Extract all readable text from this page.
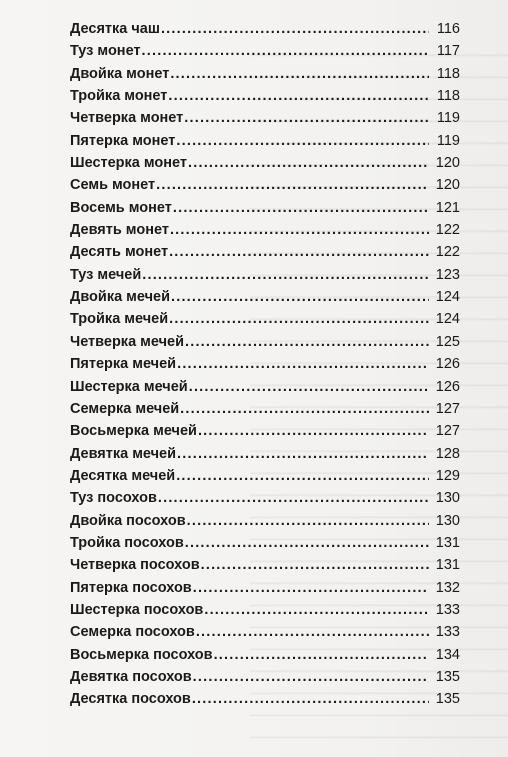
Десятка чаш .....	116
Туз монет .....	117
Двойка монет .....	118
Тройка монет .....	118
Четверка монет .....	119
Пятерка монет .....	119
Шестерка монет .....	120
Семь монет .....	120
Восемь монет .....	121
Девять монет .....	122
Десять монет .....	122
Туз мечей .....	123
Двойка мечей .....	124
Тройка мечей .....	124
Четверка мечей .....	125
Пятерка мечей .....	126
Шестерка мечей .....	126
Семерка мечей .....	127
Восьмерка мечей .....	127
Девятка мечей .....	128
Десятка мечей .....	129
Туз посохов .....	130
Двойка посохов .....	130
Тройка посохов .....	131
Четверка посохов .....	131
Пятерка посохов .....	132
Шестерка посохов .....	133
Семерка посохов .....	133
Восьмерка посохов .....	134
Девятка посохов .....	135
Десятка посохов .....	135
